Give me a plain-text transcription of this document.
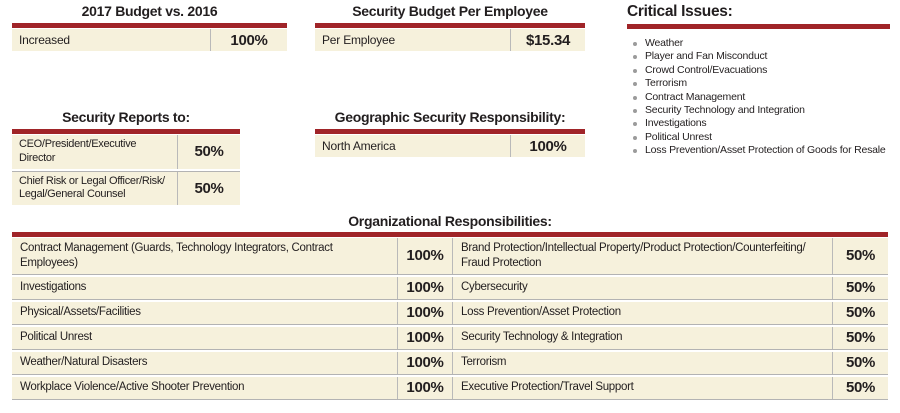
2017 Budget vs. 2016
Increased	100%
Security Budget Per Employee
Per Employee	$15.34
Critical Issues:
Weather
Player and Fan Misconduct
Crowd Control/​Evacuations
Terrorism
Contract Management
Security Technology and Integration
Investigations
Political Unrest
Loss Prevention/​Asset Protection of Goods for Resale
Security Reports to:
CEO/​President/​Executive Director	50%
Chief Risk or Legal Officer/​Risk/​Legal/​General Counsel	50%
Geographic Security Responsibility:
North America	100%
Organizational Responsibilities:
Contract Management (Guards, Technology Integrators, Contract Employees)	100%	Brand Protection/​Intellectual Property/​Product Protection/​Counterfeiting/​Fraud Protection	50%
Investigations	100%	Cybersecurity	50%
Physical/​Assets/​Facilities	100%	Loss Prevention/​Asset Protection	50%
Political Unrest	100%	Security Technology & Integration	50%
Weather/​Natural Disasters	100%	Terrorism	50%
Workplace Violence/​Active Shooter Prevention	100%	Executive Protection/​Travel Support	50%
